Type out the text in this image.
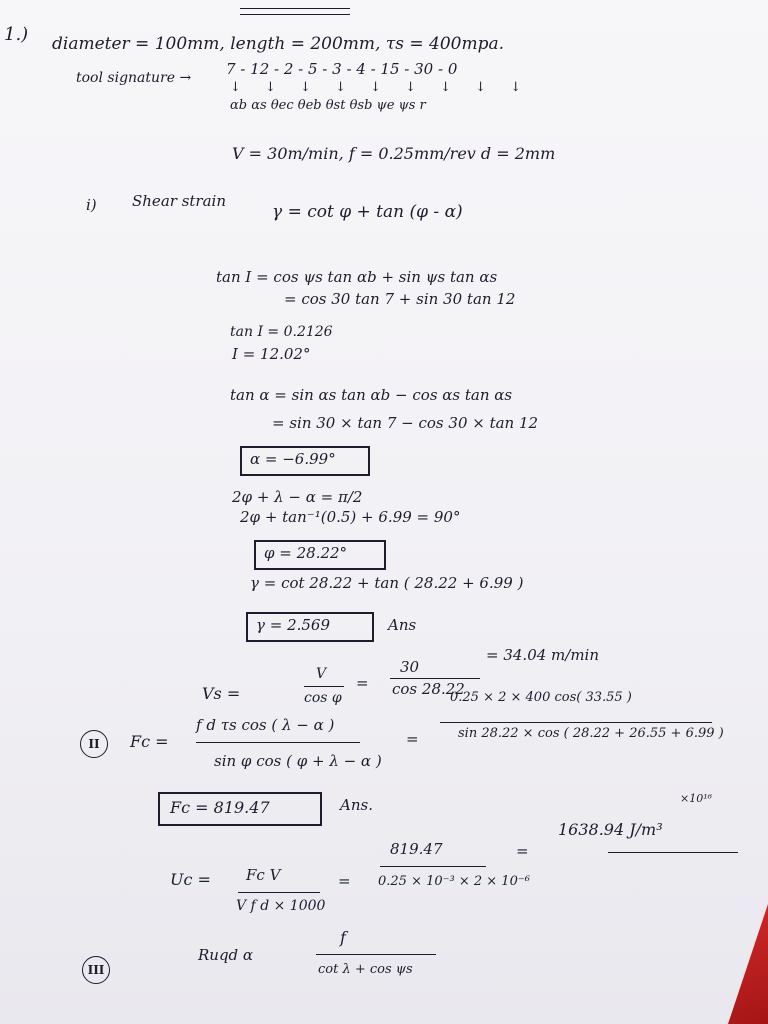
1.) diameter = 100mm, length = 200mm, τs = 400mpa.
tool signature → 7 - 12 - 2 - 5 - 3 - 4 - 15 - 30 - 0
↓ ↓ ↓ ↓ ↓ ↓ ↓ ↓ ↓
αb αs θec θeb θst θsb ψe ψs r
V = 30m/min, f = 0.25mm/rev d = 2mm
i) Shear strain
γ = cot φ + tan (φ - α)
tan I = cos ψs tan αb + sin ψs tan αs
= cos 30 tan 7 + sin 30 tan 12
tan I = 0.2126
I = 12.02°
tan α = sin αs tan αb − cos αs tan αs
= sin 30 × tan 7 − cos 30 × tan 12
α = −6.99°
2φ + λ − α = π/2
2φ + tan⁻¹(0.5) + 6.99 = 90°
φ = 28.22°
γ = cot 28.22 + tan ( 28.22 + 6.99 )
γ = 2.569	Ans
Vs =
V
cos φ
=
30
cos 28.22
= 34.04 m/min
II	Fc =
f d τs cos ( λ − α )
sin φ cos ( φ + λ − α )
=
0.25 × 2 × 400 cos( 33.55 )
sin 28.22 × cos ( 28.22 + 26.55 + 6.99 )
Fc = 819.47	Ans.
Uc = Fc V
V f d × 1000
=
819.47
0.25 × 10⁻³ × 2 × 10⁻⁶
=
1638.94 J/m³
×10¹⁶
III
Ruqd α
f
cot λ + cos ψs
